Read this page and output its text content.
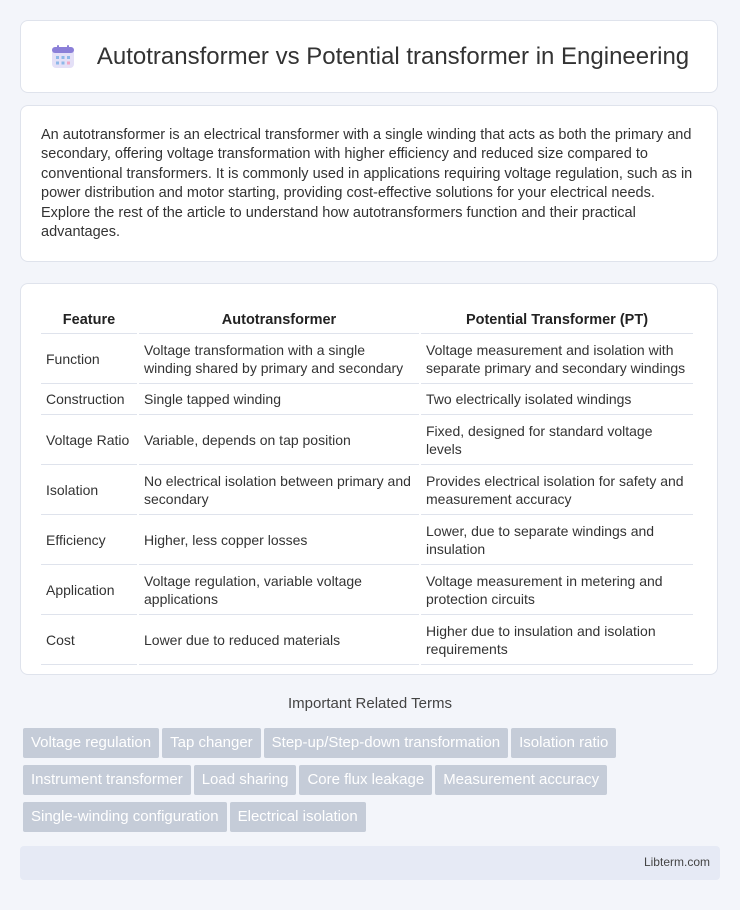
Autotransformer vs Potential transformer in Engineering

An autotransformer is an electrical transformer with a single winding that acts as both the primary and secondary, offering voltage transformation with higher efficiency and reduced size compared to conventional transformers. It is commonly used in applications requiring voltage regulation, such as in power distribution and motor starting, providing cost-effective solutions for your electrical needs. Explore the rest of the article to understand how autotransformers function and their practical advantages.

Feature	Autotransformer	Potential Transformer (PT)
Function	Voltage transformation with a single winding shared by primary and secondary	Voltage measurement and isolation with separate primary and secondary windings
Construction	Single tapped winding	Two electrically isolated windings
Voltage Ratio	Variable, depends on tap position	Fixed, designed for standard voltage levels
Isolation	No electrical isolation between primary and secondary	Provides electrical isolation for safety and measurement accuracy
Efficiency	Higher, less copper losses	Lower, due to separate windings and insulation
Application	Voltage regulation, variable voltage applications	Voltage measurement in metering and protection circuits
Cost	Lower due to reduced materials	Higher due to insulation and isolation requirements
Important Related Terms
Voltage regulation Tap changer Step-up/Step-down transformation Isolation ratioInstrument transformer Load sharing Core flux leakage Measurement accuracySingle-winding configuration Electrical isolation
Libterm.com
